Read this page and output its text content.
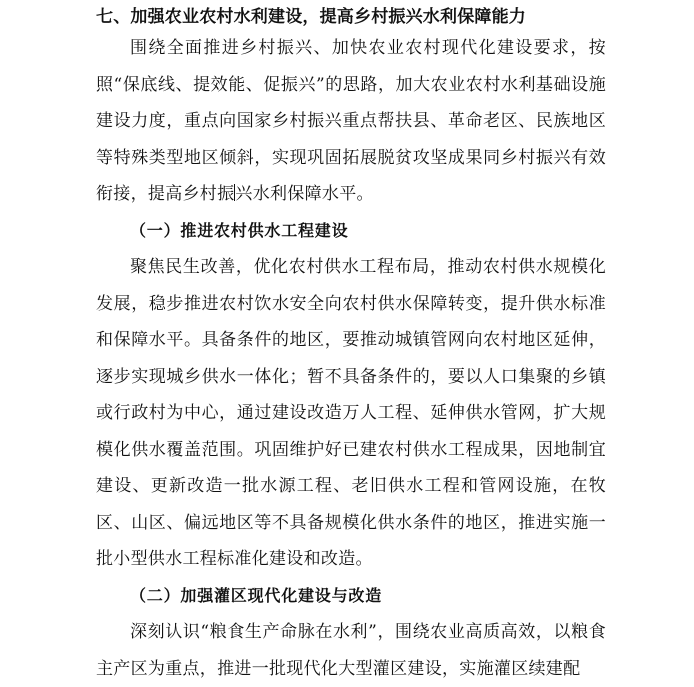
七、加强农业农村水利建设，提高乡村振兴水利保障能力

围绕全面推进乡村振兴、加快农业农村现代化建设要求，按照“保底线、提效能、促振兴”的思路，加大农业农村水利基础设施建设力度，重点向国家乡村振兴重点帮扶县、革命老区、民族地区等特殊类型地区倾斜，实现巩固拓展脱贫攻坚成果同乡村振兴有效衔接，提高乡村振兴水利保障水平。

（一）推进农村供水工程建设

聚焦民生改善，优化农村供水工程布局，推动农村供水规模化发展，稳步推进农村饮水安全向农村供水保障转变，提升供水标准和保障水平。具备条件的地区，要推动城镇管网向农村地区延伸，逐步实现城乡供水一体化；暂不具备条件的，要以人口集聚的乡镇或行政村为中心，通过建设改造万人工程、延伸供水管网，扩大规模化供水覆盖范围。巩固维护好已建农村供水工程成果，因地制宜建设、更新改造一批水源工程、老旧供水工程和管网设施，在牧区、山区、偏远地区等不具备规模化供水条件的地区，推进实施一批小型供水工程标准化建设和改造。

（二）加强灌区现代化建设与改造

深刻认识“粮食生产命脉在水利”，围绕农业高质高效，以粮食主产区为重点，推进一批现代化大型灌区建设，实施灌区续建配
